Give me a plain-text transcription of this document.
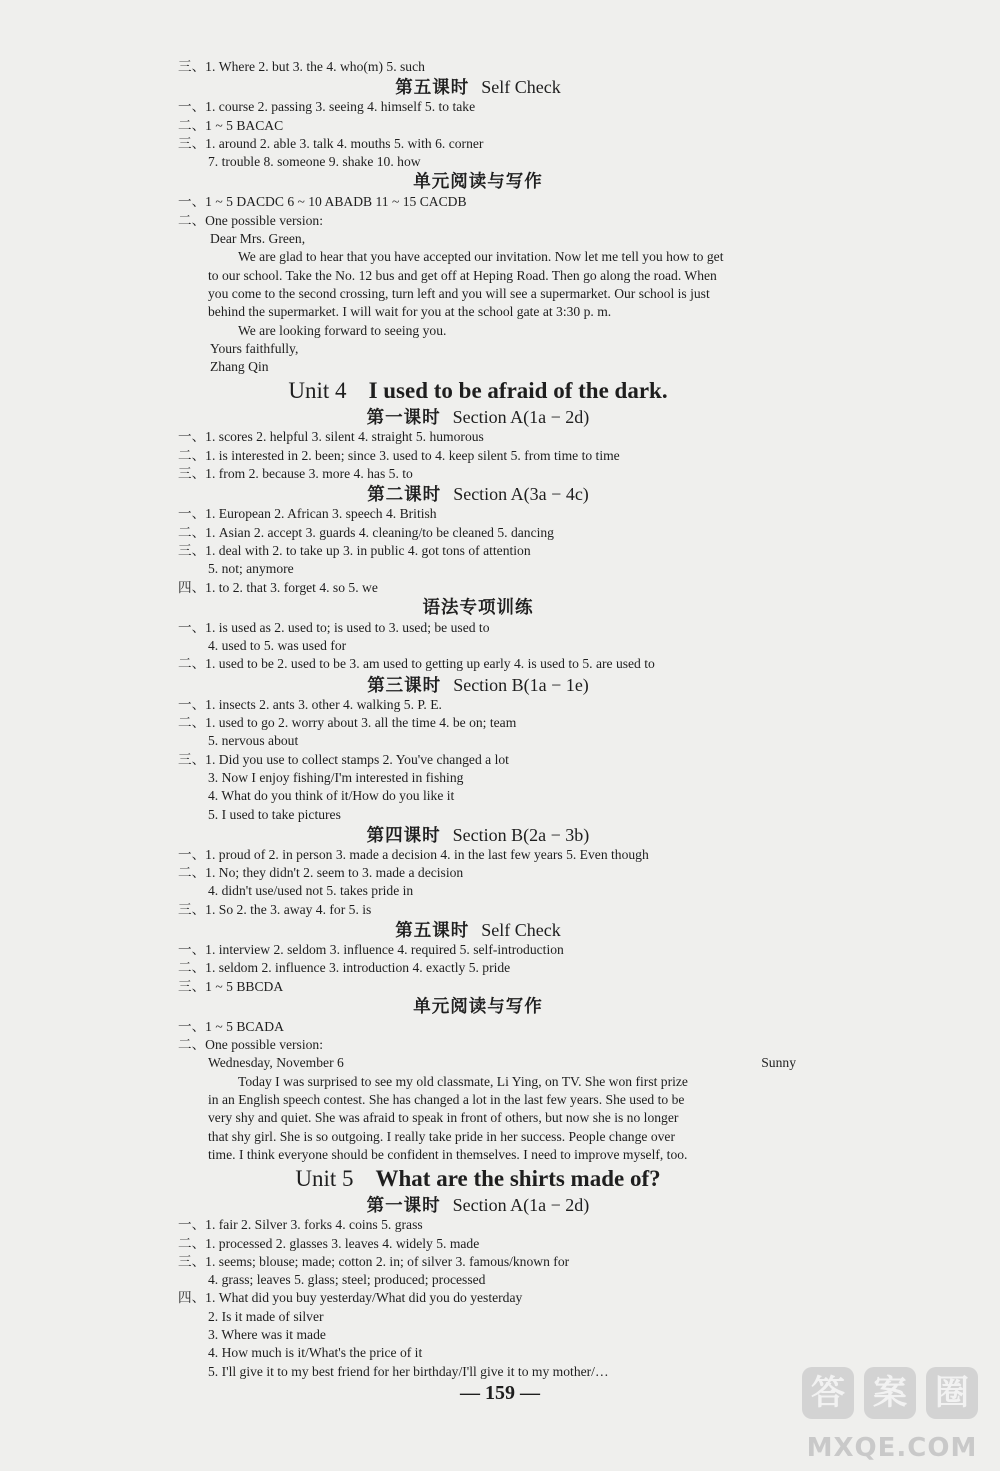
三、1. Where 2. but 3. the 4. who(m) 5. such
第五课时 Self Check
一、1. course 2. passing 3. seeing 4. himself 5. to take
二、1 ~ 5 BACAC
三、1. around 2. able 3. talk 4. mouths 5. with 6. corner
7. trouble 8. someone 9. shake 10. how
单元阅读与写作
一、1 ~ 5 DACDC 6 ~ 10 ABADB 11 ~ 15 CACDB
二、One possible version:
Dear Mrs. Green,
We are glad to hear that you have accepted our invitation. Now let me tell you how to get
to our school. Take the No. 12 bus and get off at Heping Road. Then go along the road. When
you come to the second crossing, turn left and you will see a supermarket. Our school is just
behind the supermarket. I will wait for you at the school gate at 3:30 p. m.
We are looking forward to seeing you.
Yours faithfully,
Zhang Qin
Unit 4 I used to be afraid of the dark.
第一课时 Section A(1a − 2d)
一、1. scores 2. helpful 3. silent 4. straight 5. humorous
二、1. is interested in 2. been; since 3. used to 4. keep silent 5. from time to time
三、1. from 2. because 3. more 4. has 5. to
第二课时 Section A(3a − 4c)
一、1. European 2. African 3. speech 4. British
二、1. Asian 2. accept 3. guards 4. cleaning/to be cleaned 5. dancing
三、1. deal with 2. to take up 3. in public 4. got tons of attention
5. not; anymore
四、1. to 2. that 3. forget 4. so 5. we
语法专项训练
一、1. is used as 2. used to; is used to 3. used; be used to
4. used to 5. was used for
二、1. used to be 2. used to be 3. am used to getting up early 4. is used to 5. are used to
第三课时 Section B(1a − 1e)
一、1. insects 2. ants 3. other 4. walking 5. P. E.
二、1. used to go 2. worry about 3. all the time 4. be on; team
5. nervous about
三、1. Did you use to collect stamps 2. You've changed a lot
3. Now I enjoy fishing/I'm interested in fishing
4. What do you think of it/How do you like it
5. I used to take pictures
第四课时 Section B(2a − 3b)
一、1. proud of 2. in person 3. made a decision 4. in the last few years 5. Even though
二、1. No; they didn't 2. seem to 3. made a decision
4. didn't use/used not 5. takes pride in
三、1. So 2. the 3. away 4. for 5. is
第五课时 Self Check
一、1. interview 2. seldom 3. influence 4. required 5. self-introduction
二、1. seldom 2. influence 3. introduction 4. exactly 5. pride
三、1 ~ 5 BBCDA
单元阅读与写作
一、1 ~ 5 BCADA
二、One possible version:
Wednesday, November 6	Sunny
Today I was surprised to see my old classmate, Li Ying, on TV. She won first prize
in an English speech contest. She has changed a lot in the last few years. She used to be
very shy and quiet. She was afraid to speak in front of others, but now she is no longer
that shy girl. She is so outgoing. I really take pride in her success. People change over
time. I think everyone should be confident in themselves. I need to improve myself, too.
Unit 5 What are the shirts made of?
第一课时 Section A(1a − 2d)
一、1. fair 2. Silver 3. forks 4. coins 5. grass
二、1. processed 2. glasses 3. leaves 4. widely 5. made
三、1. seems; blouse; made; cotton 2. in; of silver 3. famous/known for
4. grass; leaves 5. glass; steel; produced; processed
四、1. What did you buy yesterday/What did you do yesterday
2. Is it made of silver
3. Where was it made
4. How much is it/What's the price of it
5. I'll give it to my best friend for her birthday/I'll give it to my mother/…
— 159 —	答 案 圈
MXQE.COM
